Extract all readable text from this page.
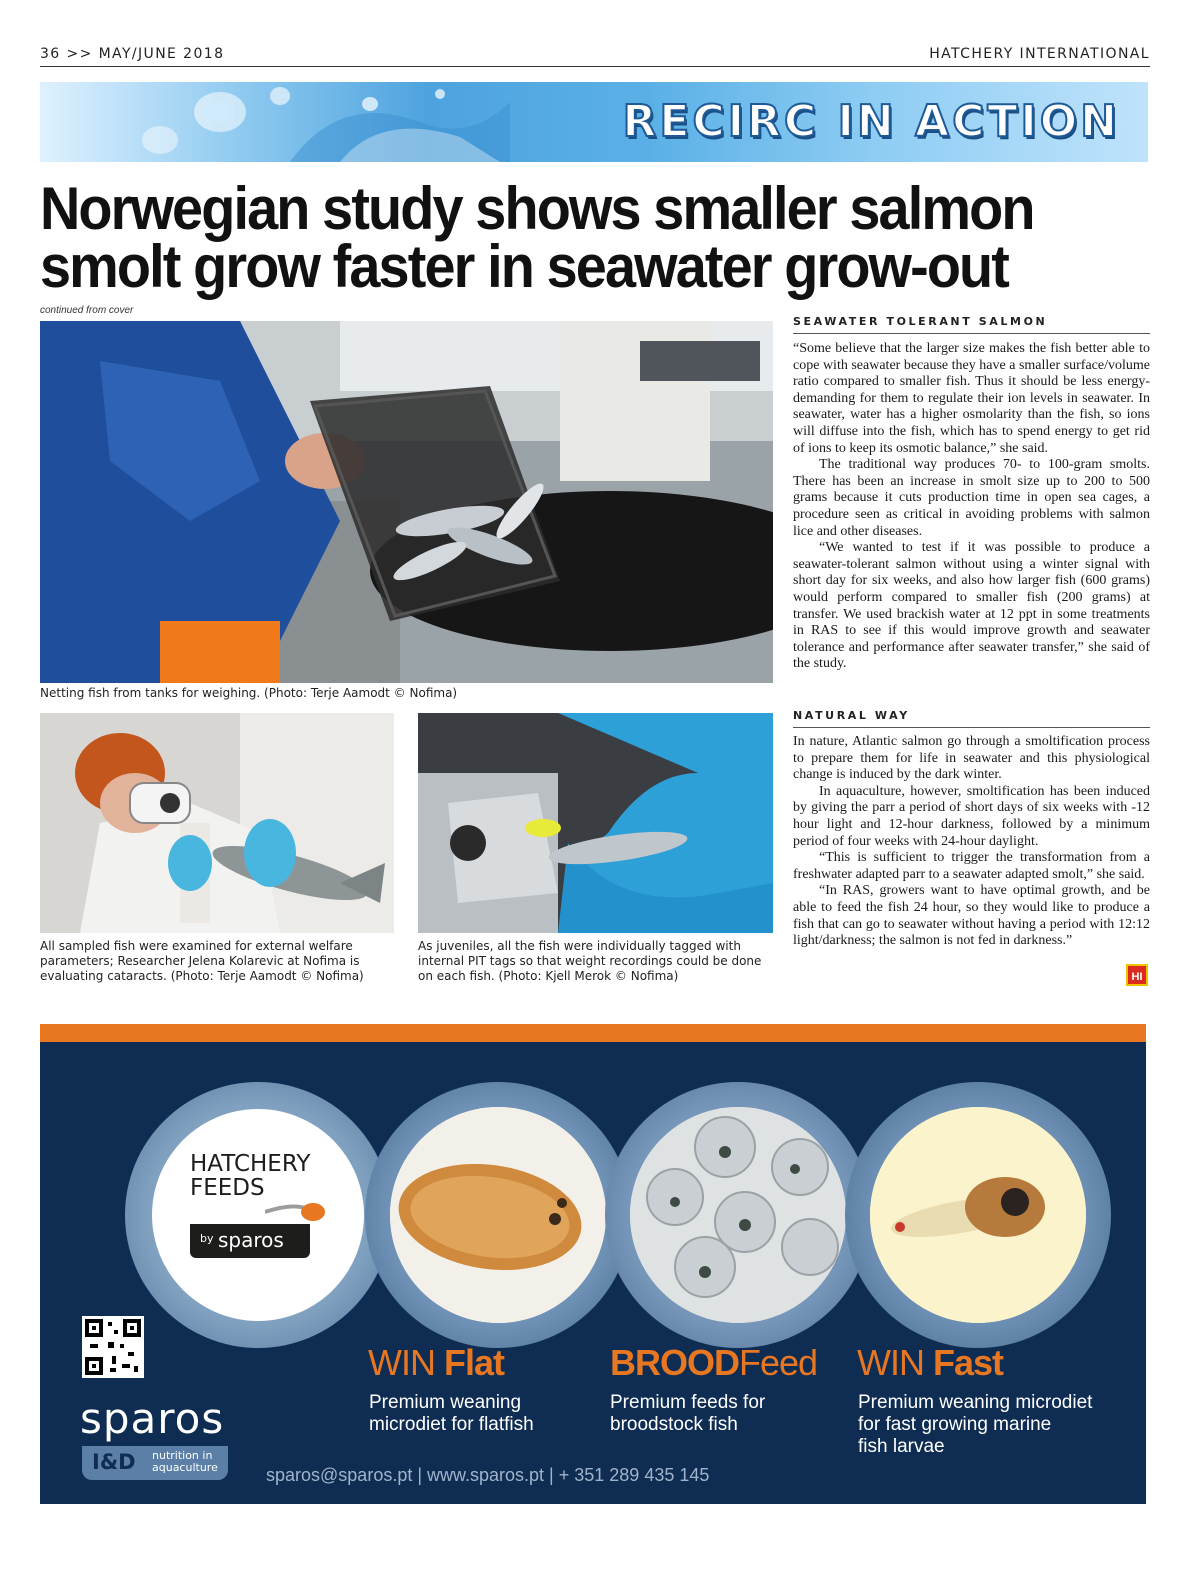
36 >> MAY/JUNE 2018	HATCHERY INTERNATIONAL
RECIRC IN ACTION
Norwegian study shows smaller salmon
smolt grow faster in seawater grow-out
continued from cover
Netting fish from tanks for weighing. (Photo: Terje Aamodt © Nofima)
All sampled fish were examined for external welfare parameters; Researcher Jelena Kolarevic at Nofima is evaluating cataracts. (Photo: Terje Aamodt © Nofima)
As juveniles, all the fish were individually tagged with internal PIT tags so that weight recordings could be done on each fish. (Photo: Kjell Merok © Nofima)
SEAWATER TOLERANT SALMON

“Some believe that the larger size makes the fish better able to cope with seawater because they have a smaller surface/volume ratio compared to smaller fish. Thus it should be less energy-demanding for them to regulate their ion levels in seawater. In seawater, water has a higher osmolarity than the fish, so ions will diffuse into the fish, which has to spend energy to get rid of ions to keep its osmotic balance,” she said.

The traditional way produces 70- to 100-gram smolts. There has been an increase in smolt size up to 200 to 500 grams because it cuts production time in open sea cages, a procedure seen as critical in avoiding problems with salmon lice and other diseases.

“We wanted to test if it was possible to produce a seawater-tolerant salmon without using a winter signal with short day for six weeks, and also how larger fish (600 grams) would perform compared to smaller fish (200 grams) at transfer. We used brackish water at 12 ppt in some treatments in RAS to see if this would improve growth and seawater tolerance and performance after seawater transfer,” she said of the study.

NATURAL WAY

In nature, Atlantic salmon go through a smoltification process to prepare them for life in seawater and this physiological change is induced by the dark winter.

In aquaculture, however, smoltification has been induced by giving the parr a period of short days of six weeks with -12 hour light and 12-hour darkness, followed by a minimum period of four weeks with 24-hour daylight.

“This is sufficient to trigger the transformation from a freshwater adapted parr to a seawater adapted smolt,” she said.

“In RAS, growers want to have optimal growth, and be able to feed the fish 24 hour, so they would like to produce a fish that can go to seawater without having a period with 12:12 light/darkness; the salmon is not fed in darkness.”

HI
HATCHERY
FEEDS
by sparos
sparos
I&D nutrition in
aquaculture
WIN Flat
Premium weaning
microdiet for flatfish
BROODFeed
Premium feeds for
broodstock fish
WIN Fast
Premium weaning microdiet
for fast growing marine
fish larvae
sparos@sparos.pt | www.sparos.pt | + 351 289 435 145
